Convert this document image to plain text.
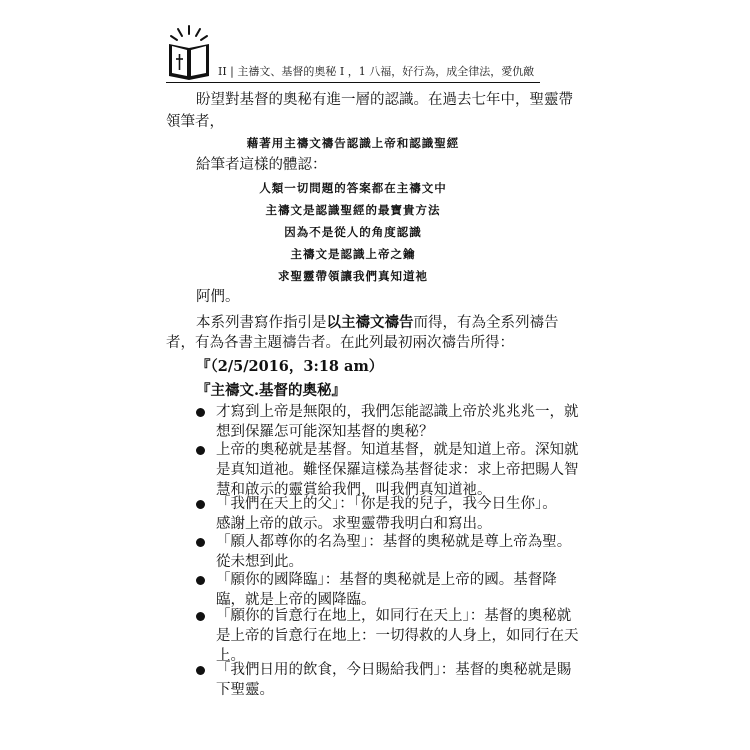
II | 主禱文、基督的奧秘 I ，1 八福，好行為，成全律法，愛仇敵
盼望對基督的奧秘有進一層的認識。在過去七年中，聖靈帶
領筆者，
藉著用主禱文禱告認識上帝和認識聖經
給筆者這樣的體認：
人類一切問題的答案都在主禱文中
主禱文是認識聖經的最寶貴方法
因為不是從人的角度認識
主禱文是認識上帝之鑰
求聖靈帶領讓我們真知道祂
阿們。
本系列書寫作指引是以主禱文禱告而得，有為全系列禱告
者，有為各書主題禱告者。在此列最初兩次禱告所得：
『（2/5/2016，3:18 am）
『主禱文.基督的奧秘』
才寫到上帝是無限的，我們怎能認識上帝於兆兆兆一，就
想到保羅怎可能深知基督的奧秘？
上帝的奧秘就是基督。知道基督，就是知道上帝。深知就
是真知道祂。難怪保羅這樣為基督徒求：求上帝把賜人智
慧和啟示的靈賞給我們，叫我們真知道祂。
「我們在天上的父」：「你是我的兒子，我今日生你」。
感謝上帝的啟示。求聖靈帶我明白和寫出。
「願人都尊你的名為聖」：基督的奧秘就是尊上帝為聖。
從未想到此。
「願你的國降臨」：基督的奧秘就是上帝的國。基督降
臨，就是上帝的國降臨。
「願你的旨意行在地上，如同行在天上」：基督的奧秘就
是上帝的旨意行在地上：一切得救的人身上，如同行在天
上。
「我們日用的飲食，今日賜給我們」：基督的奧秘就是賜
下聖靈。
